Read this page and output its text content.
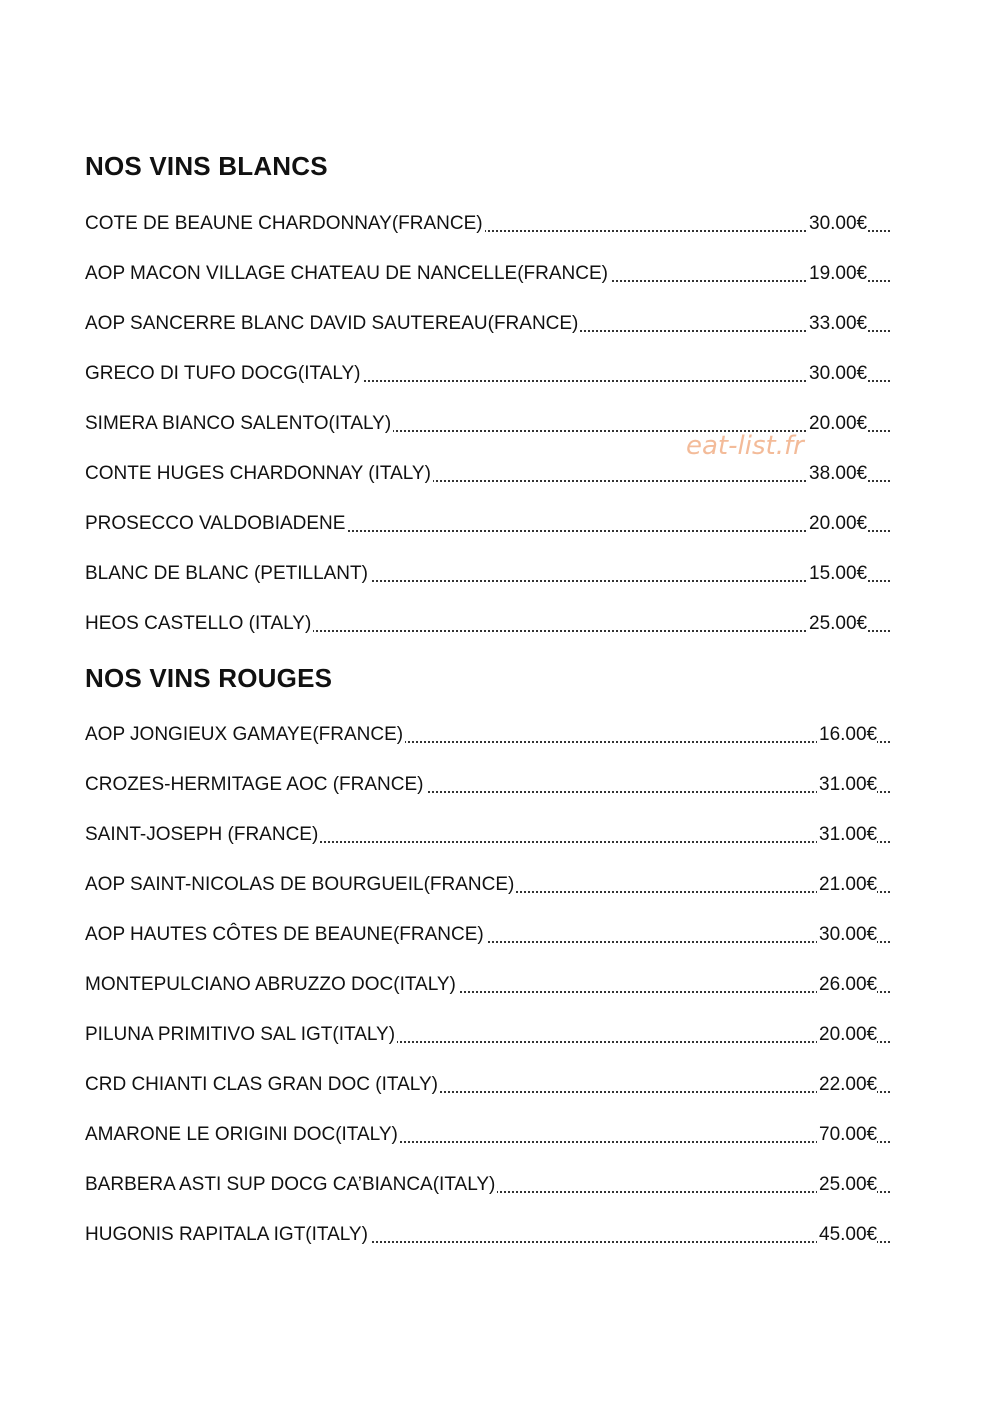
NOS VINS BLANCS
COTE DE BEAUNE CHARDONNAY(FRANCE)	30.00€
AOP MACON VILLAGE CHATEAU DE NANCELLE(FRANCE)	19.00€
AOP SANCERRE BLANC DAVID SAUTEREAU(FRANCE)	33.00€
GRECO DI TUFO DOCG(ITALY)	30.00€
SIMERA BIANCO SALENTO(ITALY)	20.00€
CONTE HUGES CHARDONNAY (ITALY)	38.00€
PROSECCO VALDOBIADENE	20.00€
BLANC DE BLANC (PETILLANT)	15.00€
HEOS CASTELLO (ITALY)	25.00€
eat-list.fr
NOS VINS ROUGES
AOP JONGIEUX GAMAYE(FRANCE)	16.00€
CROZES-HERMITAGE AOC (FRANCE)	31.00€
SAINT-JOSEPH (FRANCE)	31.00€
AOP SAINT-NICOLAS DE BOURGUEIL(FRANCE)	21.00€
AOP HAUTES CÔTES DE BEAUNE(FRANCE)	30.00€
MONTEPULCIANO ABRUZZO DOC(ITALY)	26.00€
PILUNA PRIMITIVO SAL IGT(ITALY)	20.00€
CRD CHIANTI CLAS GRAN DOC (ITALY)	22.00€
AMARONE LE ORIGINI DOC(ITALY)	70.00€
BARBERA ASTI SUP DOCG CA’BIANCA(ITALY)	25.00€
HUGONIS RAPITALA IGT(ITALY)	45.00€
